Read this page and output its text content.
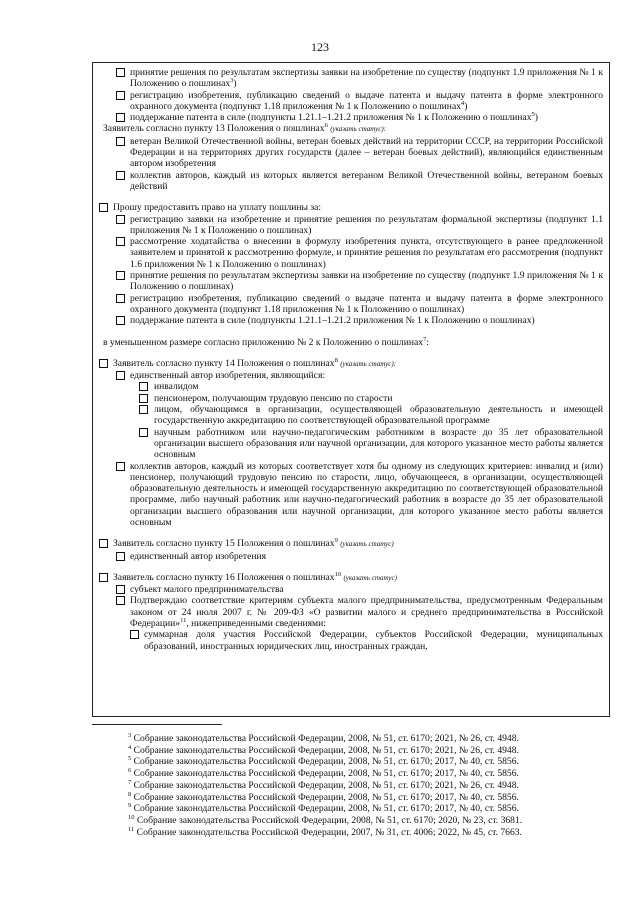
123
принятие решения по результатам экспертизы заявки на изобретение по существу (подпункт 1.9 приложения № 1 к Положению о пошлинах$^3$)
регистрацию изобретения, публикацию сведений о выдаче патента и выдачу патента в форме электронного охранного документа (подпункт 1.18 приложения № 1 к Положению о пошлинах$^4$)
поддержание патента в силе (подпункты 1.21.1–1.21.2 приложения № 1 к Положению о пошлинах$^5$)
Заявитель согласно пункту 13 Положения о пошлинах$^6$ (указать статус):
ветеран Великой Отечественной войны, ветеран боевых действий на территории СССР, на территории Российской Федерации и на территориях других государств (далее – ветеран боевых действий), являющийся единственным автором изобретения
коллектив авторов, каждый из которых является ветераном Великой Отечественной войны, ветераном боевых действий
Прошу предоставить право на уплату пошлины за:
регистрацию заявки на изобретение и принятие решения по результатам формальной экспертизы (подпункт 1.1 приложения № 1 к Положению о пошлинах)
рассмотрение ходатайства о внесении в формулу изобретения пункта, отсутствующего в ранее предложенной заявителем и принятой к рассмотрению формуле, и принятие решения по результатам его рассмотрения (подпункт 1.6 приложения № 1 к Положению о пошлинах)
принятие решения по результатам экспертизы заявки на изобретение по существу (подпункт 1.9 приложения № 1 к Положению о пошлинах)
регистрацию изобретения, публикацию сведений о выдаче патента и выдачу патента в форме электронного охранного документа (подпункт 1.18 приложения № 1 к Положению о пошлинах)
поддержание патента в силе (подпункты 1.21.1–1.21.2 приложения № 1 к Положению о пошлинах)
в уменьшенном размере согласно приложению № 2 к Положению о пошлинах$^7$:
Заявитель согласно пункту 14 Положения о пошлинах$^8$ (указать статус):
единственный автор изобретения, являющийся:
инвалидом
пенсионером, получающим трудовую пенсию по старости
лицом, обучающимся в организации, осуществляющей образовательную деятельность и имеющей государственную аккредитацию по соответствующей образовательной программе
научным работником или научно-педагогическим работником в возрасте до 35 лет образовательной организации высшего образования или научной организации, для которого указанное место работы является основным
коллектив авторов, каждый из которых соответствует хотя бы одному из следующих критериев: инвалид и (или) пенсионер, получающий трудовую пенсию по старости, лицо, обучающееся, в организации, осуществляющей образовательную деятельность и имеющей государственную аккредитацию по соответствующей образовательной программе, либо научный работник или научно-педагогический работник в возрасте до 35 лет образовательной организации высшего образования или научной организации, для которого указанное место работы является основным
Заявитель согласно пункту 15 Положения о пошлинах$^9$ (указать статус)
единственный автор изобретения
Заявитель согласно пункту 16 Положения о пошлинах$^{10}$ (указать статус)
субъект малого предпринимательства
Подтверждаю соответствие критериям субъекта малого предпринимательства, предусмотренным Федеральным законом от 24 июля 2007 г. № 209-ФЗ «О развитии малого и среднего предпринимательства в Российской Федерации»$^{11}$, нижеприведенными сведениями:
суммарная доля участия Российской Федерации, субъектов Российской Федерации, муниципальных образований, иностранных юридических лиц, иностранных граждан,
$^3$ Собрание законодательства Российской Федерации, 2008, № 51, ст. 6170; 2021, № 26, ст. 4948.
$^4$ Собрание законодательства Российской Федерации, 2008, № 51, ст. 6170; 2021, № 26, ст. 4948.
$^5$ Собрание законодательства Российской Федерации, 2008, № 51, ст. 6170; 2017, № 40, ст. 5856.
$^6$ Собрание законодательства Российской Федерации, 2008, № 51, ст. 6170; 2017, № 40, ст. 5856.
$^7$ Собрание законодательства Российской Федерации, 2008, № 51, ст. 6170; 2021, № 26, ст. 4948.
$^8$ Собрание законодательства Российской Федерации, 2008, № 51, ст. 6170; 2017, № 40, ст. 5856.
$^9$ Собрание законодательства Российской Федерации, 2008, № 51, ст. 6170; 2017, № 40, ст. 5856.
$^{10}$ Собрание законодательства Российской Федерации, 2008, № 51, ст. 6170; 2020, № 23, ст. 3681.
$^{11}$ Собрание законодательства Российской Федерации, 2007, № 31, ст. 4006; 2022, № 45, ст. 7663.
